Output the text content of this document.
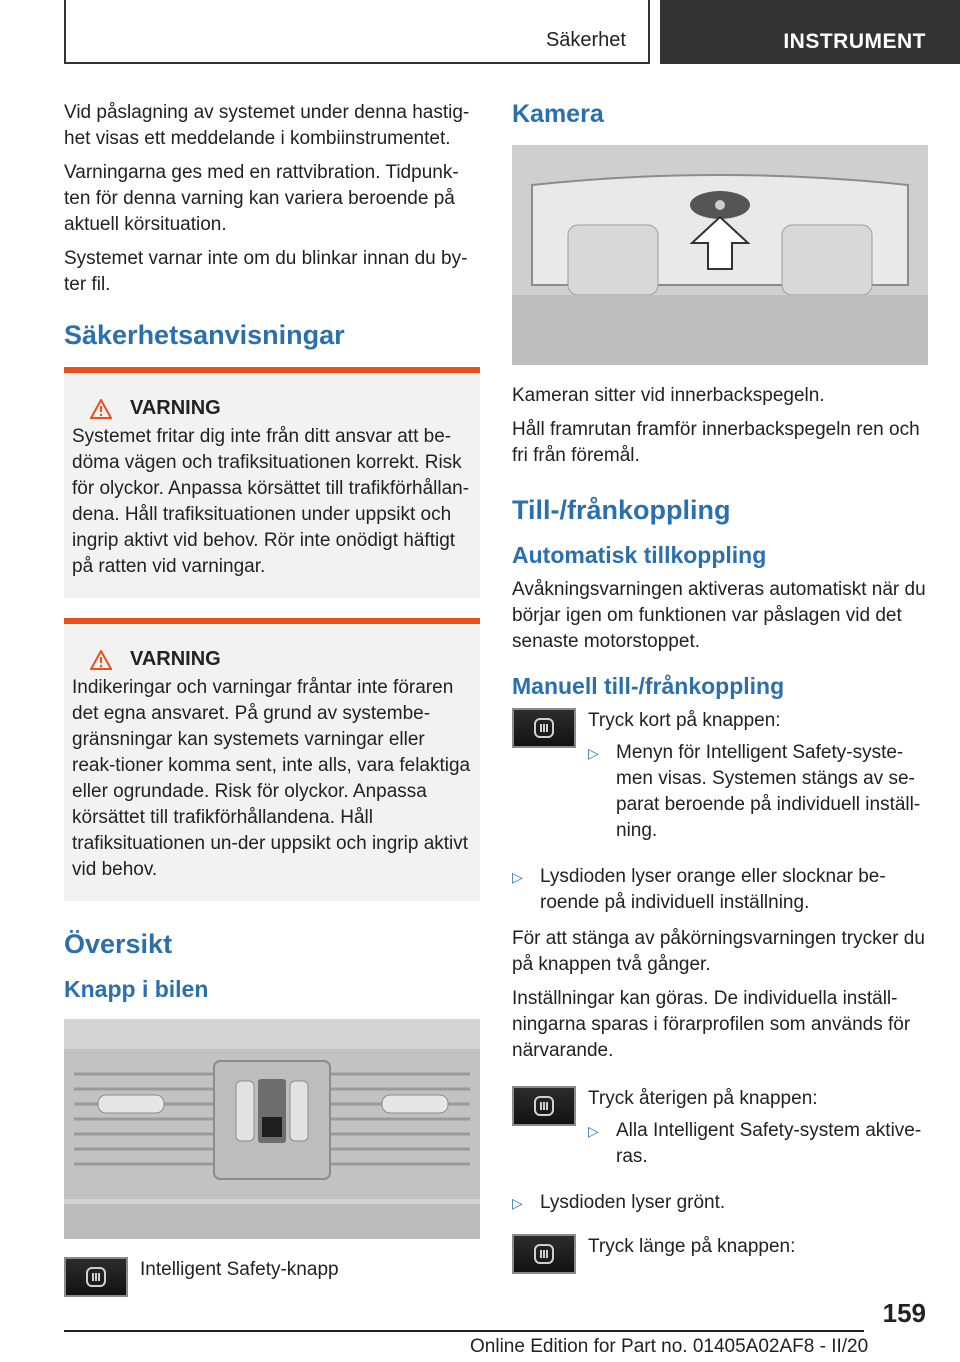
Säkerhet	INSTRUMENT

Vid påslagning av systemet under denna hastig-het visas ett meddelande i kombiinstrumentet.

Varningarna ges med en rattvibration. Tidpunk-ten för denna varning kan variera beroende på aktuell körsituation.

Systemet varnar inte om du blinkar innan du by-ter fil.

Säkerhetsanvisningar
VARNING

Systemet fritar dig inte från ditt ansvar att be-döma vägen och trafiksituationen korrekt. Risk för olyckor. Anpassa körsättet till trafikförhållan-dena. Håll trafiksituationen under uppsikt och ingrip aktivt vid behov. Rör inte onödigt häftigt på ratten vid varningar.

VARNING

Indikeringar och varningar fråntar inte föraren det egna ansvaret. På grund av systembe-gränsningar kan systemets varningar eller reak-tioner komma sent, inte alls, vara felaktiga eller ogrundade. Risk för olyckor. Anpassa körsättet till trafikförhållandena. Håll trafiksituationen un-der uppsikt och ingrip aktivt vid behov.

Översikt
Knapp i bilen

Intelligent Safety-knapp

Kamera

Kameran sitter vid innerbackspegeln.

Håll framrutan framför innerbackspegeln ren och fri från föremål.

Till-/frånkoppling
Automatisk tillkoppling

Avåkningsvarningen aktiveras automatiskt när du börjar igen om funktionen var påslagen vid det senaste motorstoppet.

Manuell till-/frånkoppling

Tryck kort på knappen:

▷ Menyn för Intelligent Safety-syste-men visas. Systemen stängs av se-parat beroende på individuell inställ-ning.
▷ Lysdioden lyser orange eller slocknar be-roende på individuell inställning.

För att stänga av påkörningsvarningen trycker du på knappen två gånger.

Inställningar kan göras. De individuella inställ-ningarna sparas i förarprofilen som används för närvarande.

Tryck återigen på knappen:

▷ Alla Intelligent Safety-system aktive-ras.
▷ Lysdioden lyser grönt.

Tryck länge på knappen:

159
Online Edition for Part no. 01405A02AF8 - II/20
